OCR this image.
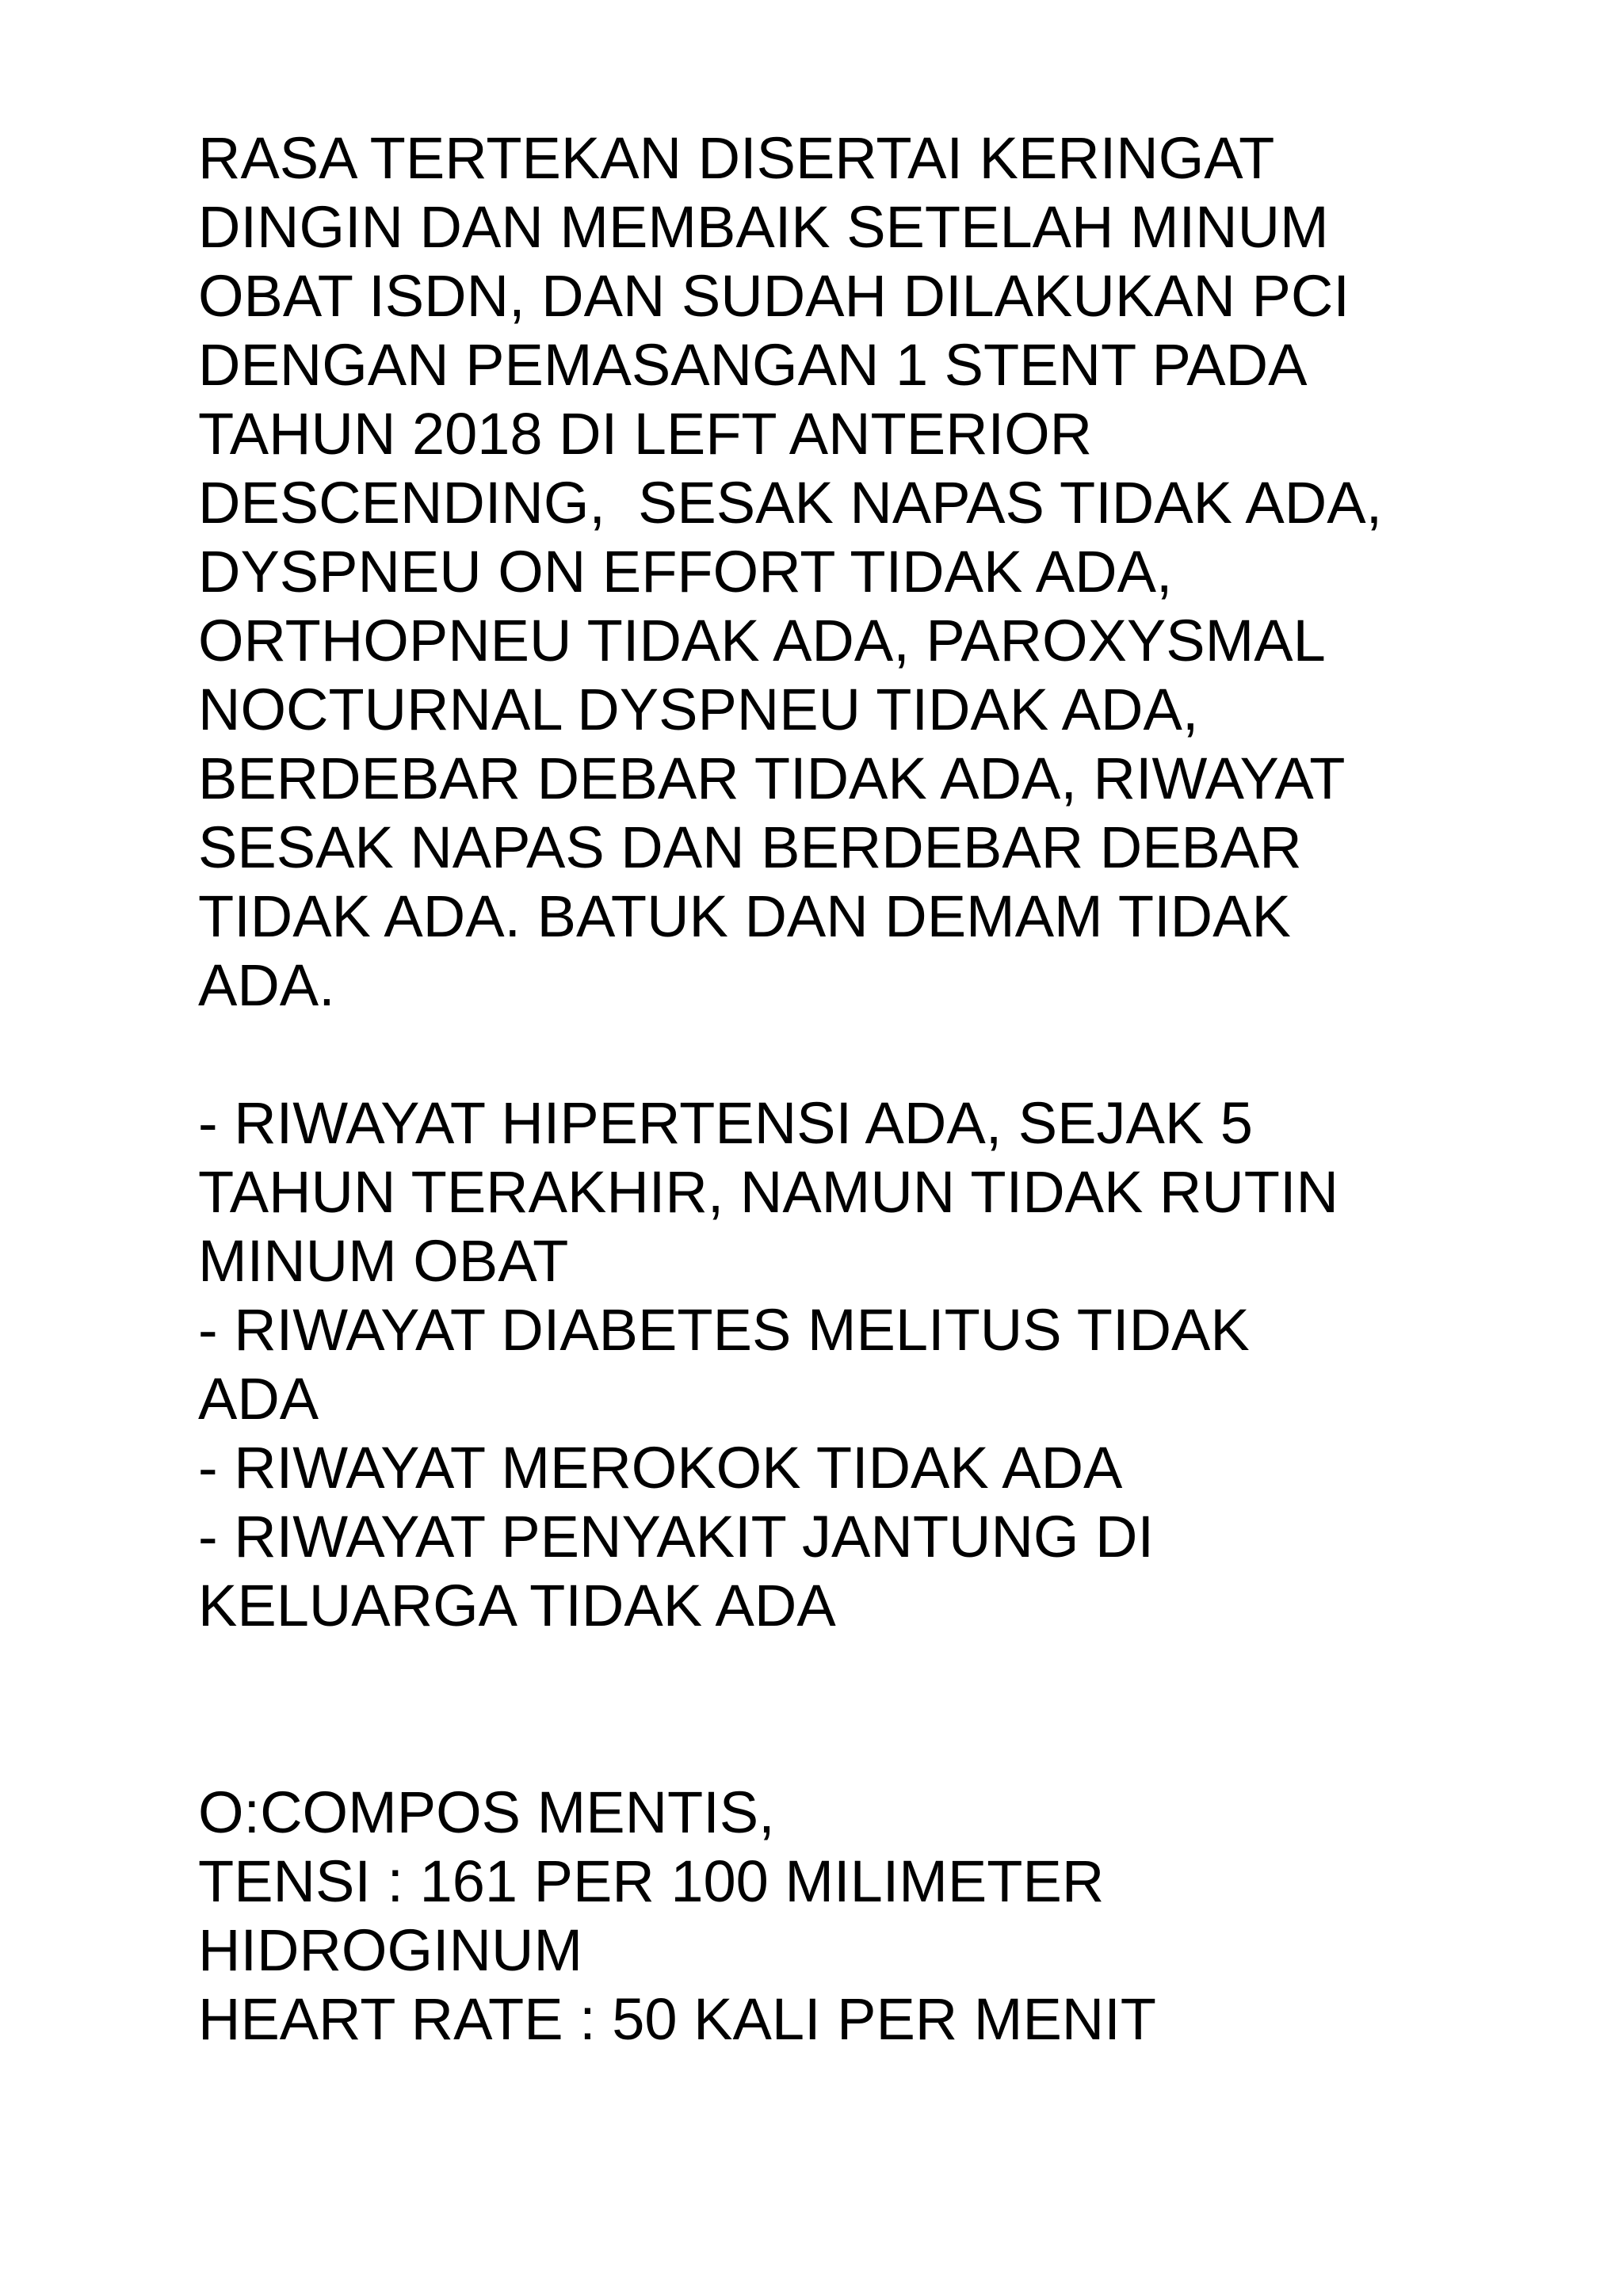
RASA TERTEKAN DISERTAI KERINGAT
DINGIN DAN MEMBAIK SETELAH MINUM
OBAT ISDN, DAN SUDAH DILAKUKAN PCI
DENGAN PEMASANGAN 1 STENT PADA
TAHUN 2018 DI LEFT ANTERIOR
DESCENDING,  SESAK NAPAS TIDAK ADA,
DYSPNEU ON EFFORT TIDAK ADA,
ORTHOPNEU TIDAK ADA, PAROXYSMAL
NOCTURNAL DYSPNEU TIDAK ADA,
BERDEBAR DEBAR TIDAK ADA, RIWAYAT
SESAK NAPAS DAN BERDEBAR DEBAR
TIDAK ADA. BATUK DAN DEMAM TIDAK
ADA.
- RIWAYAT HIPERTENSI ADA, SEJAK 5
TAHUN TERAKHIR, NAMUN TIDAK RUTIN
MINUM OBAT
- RIWAYAT DIABETES MELITUS TIDAK
ADA
- RIWAYAT MEROKOK TIDAK ADA
- RIWAYAT PENYAKIT JANTUNG DI
KELUARGA TIDAK ADA
O:COMPOS MENTIS,
TENSI : 161 PER 100 MILIMETER
HIDROGINUM
HEART RATE : 50 KALI PER MENIT
